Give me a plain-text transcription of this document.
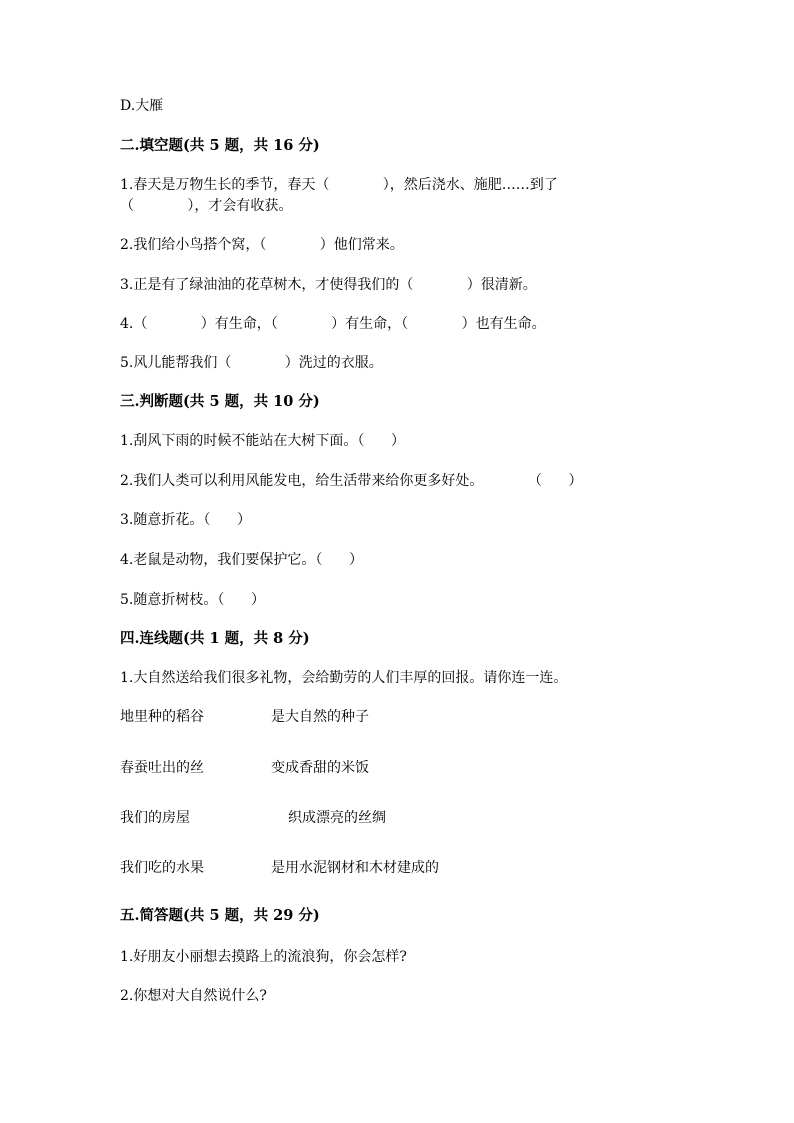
D.大雁
二.填空题(共 5 题，共 16 分)
1.春天是万物生长的季节，春天（            ），然后浇水、施肥……到了
（            ），才会有收获。
2.我们给小鸟搭个窝，（            ）他们常来。
3.正是有了绿油油的花草树木，才使得我们的（            ）很清新。
4.（            ）有生命，（            ）有生命，（            ）也有生命。
5.风儿能帮我们（            ）洗过的衣服。
三.判断题(共 5 题，共 10 分)
1.刮风下雨的时候不能站在大树下面。（      ）
2.我们人类可以利用风能发电，给生活带来给你更多好处。          （      ）
3.随意折花。（      ）
4.老鼠是动物，我们要保护它。（      ）
5.随意折树枝。（      ）
四.连线题(共 1 题，共 8 分)
1.大自然送给我们很多礼物，会给勤劳的人们丰厚的回报。请你连一连。
地里种的稻谷	是大自然的种子
春蚕吐出的丝	变成香甜的米饭
我们的房屋	织成漂亮的丝绸
我们吃的水果	是用水泥钢材和木材建成的
五.简答题(共 5 题，共 29 分)
1.好朋友小丽想去摸路上的流浪狗，你会怎样?
2.你想对大自然说什么?
